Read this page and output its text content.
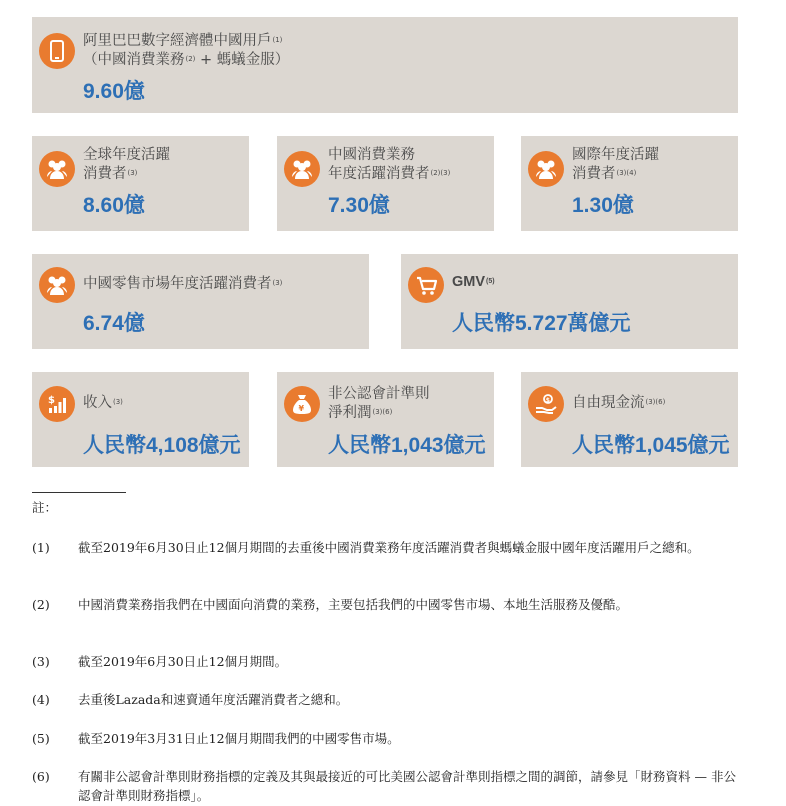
阿里巴巴數字經濟體中國用戶$^{(1)}$
（中國消費業務$^{(2)}$ + 螞蟻金服）
9.60億
全球年度活躍
消費者$^{(3)}$
8.60億
=
中國消費業務
年度活躍消費者$^{(2)(3)}$
7.30億
+
國際年度活躍
消費者$^{(3)(4)}$
1.30億
中國零售市場年度活躍消費者$^{(3)}$
6.74億
GMV$^{(5)}$
人民幣5.727萬億元
$ 收入$^{(3)}$
人民幣4,108億元
¥
非公認會計準則
淨利潤$^{(3)(6)}$
人民幣1,043億元
$ 自由現金流$^{(3)(6)}$
人民幣1,045億元
註：
(1) 截至2019年6月30日止12個月期間的去重後中國消費業務年度活躍消費者與螞蟻金服中國年度活躍用戶之總和。
(2) 中國消費業務指我們在中國面向消費的業務，主要包括我們的中國零售市場、本地生活服務及優酷。
(3) 截至2019年6月30日止12個月期間。
(4) 去重後Lazada和速賣通年度活躍消費者之總和。
(5) 截至2019年3月31日止12個月期間我們的中國零售市場。
(6) 有關非公認會計準則財務指標的定義及其與最接近的可比美國公認會計準則指標之間的調節，請參見「財務資料 — 非公認會計準則財務指標」。
